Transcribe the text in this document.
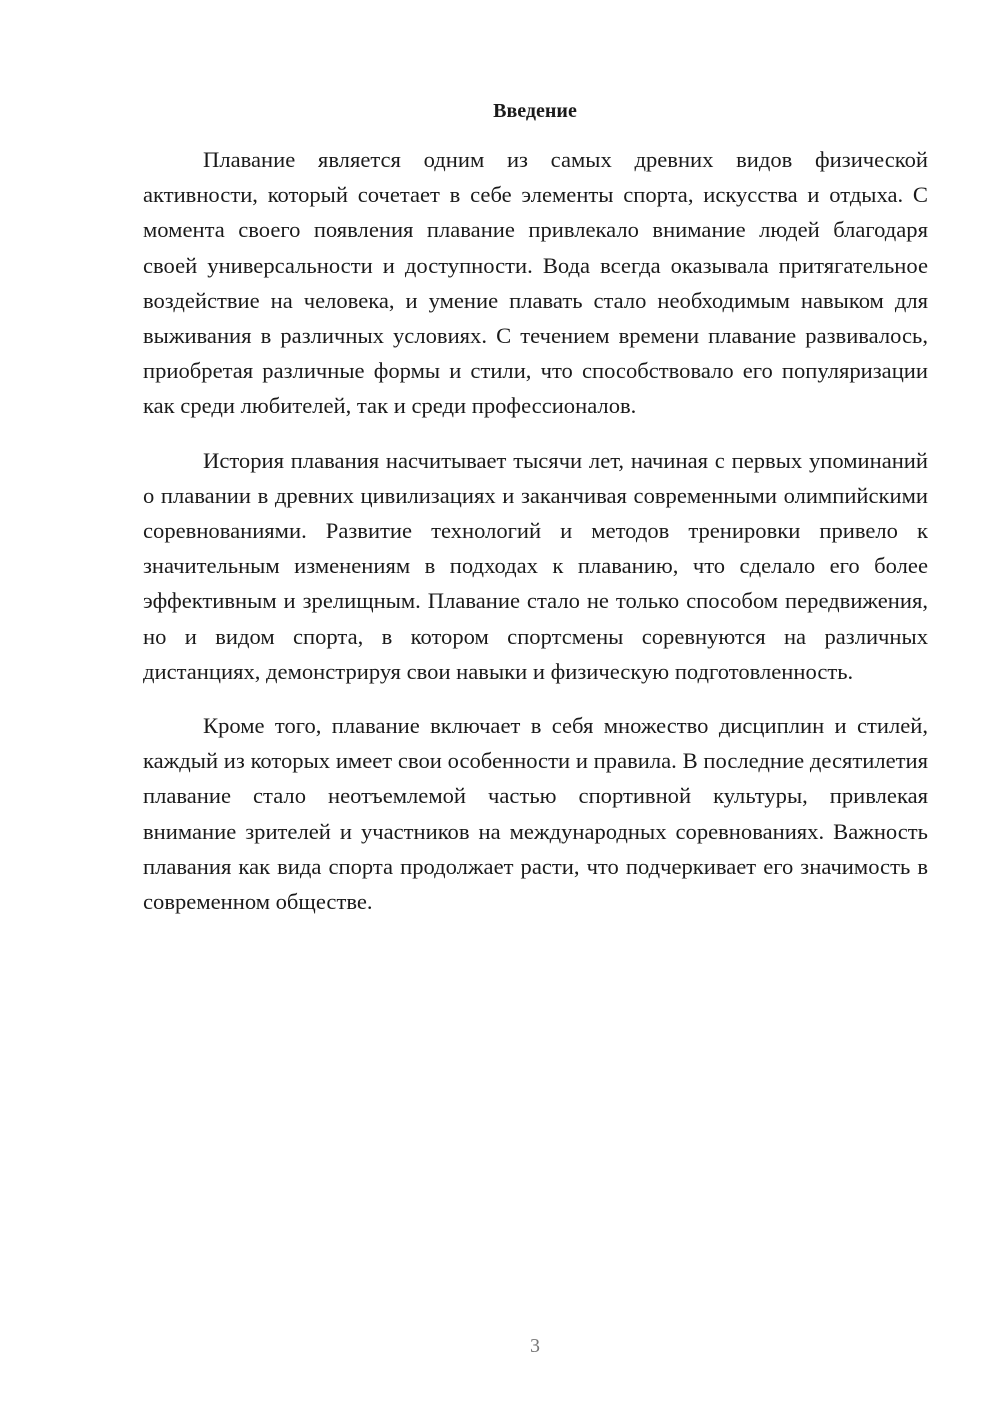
Введение

Плавание является одним из самых древних видов физической активности, который сочетает в себе элементы спорта, искусства и отдыха. С момента своего появления плавание привлекало внимание людей благодаря своей универсальности и доступности. Вода всегда оказывала притягательное воздействие на человека, и умение плавать стало необходимым навыком для выживания в различных условиях. С течением времени плавание развивалось, приобретая различные формы и стили, что способствовало его популяризации как среди любителей, так и среди профессионалов.

История плавания насчитывает тысячи лет, начиная с первых упоминаний о плавании в древних цивилизациях и заканчивая современными олимпийскими соревнованиями. Развитие технологий и методов тренировки привело к значительным изменениям в подходах к плаванию, что сделало его более эффективным и зрелищным. Плавание стало не только способом передвижения, но и видом спорта, в котором спортсмены соревнуются на различных дистанциях, демонстрируя свои навыки и физическую подготовленность.

Кроме того, плавание включает в себя множество дисциплин и стилей, каждый из которых имеет свои особенности и правила. В последние десятилетия плавание стало неотъемлемой частью спортивной культуры, привлекая внимание зрителей и участников на международных соревнованиях. Важность плавания как вида спорта продолжает расти, что подчеркивает его значимость в современном обществе.

3
